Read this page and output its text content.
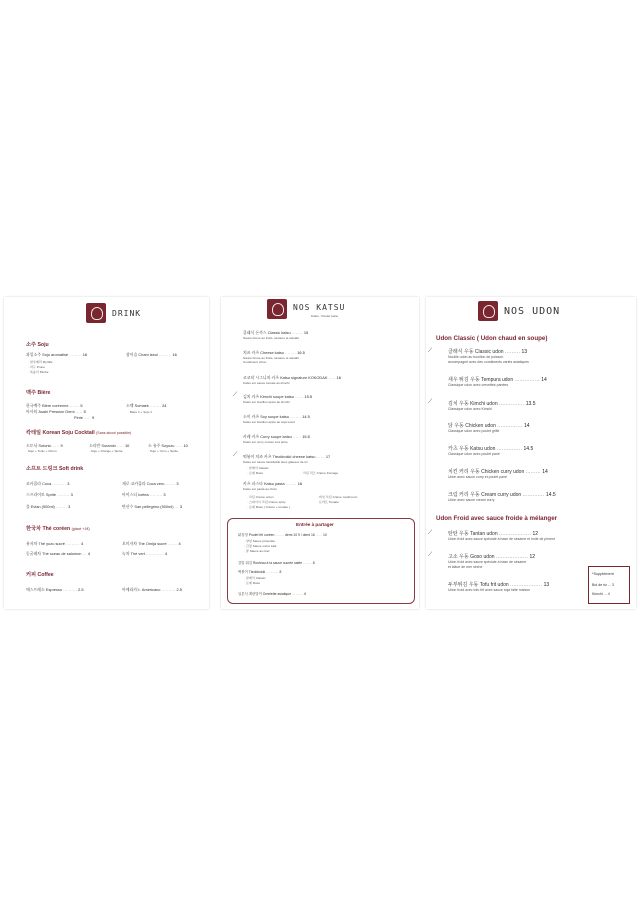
DRINK
소주 Soju
과일소주 Soju aromatisé ......... 16	참이슬 Cham iseul ......... 16
· 알루베리 Myrtille
· 자두 Prune
· 복숭아 Pêche
맥주 Bière
한국맥주 Bière coréenne ....... 5
아사히 Asahi Pression Demi ..... 5
Pinte ..... 9
소맥 Somaek ........ 24
· Bière 2 + Soju 1
칵테일 Korean Soju Cocktail (Sans alcool possible)
소토닉 Sotonic ..... 9
· Soju + Tonic + Citron
소라만 Soramin ..... 10
· Soju + Orange + Sprite
소 유주 Soyuzu ..... 10
· Soju + Yuzu + Sprite
소프트 드링크 Soft drink
코카콜라 Coca .......... 3	제로 코카콜라 Coca zero ....... 3
스프라이트 Sprite ......... 3	아이스티 Icetea ......... 3
물 Evian (500ml) ........ 3	탄산수 San pellegrino (500ml) ... 3
한국차 Thé coréen (glacé +1€)
유자차 Thé yuzu sucré .......... 4	오미자차 Thé Omija sucré ....... 4
둥굴레차 Thé sceau de salomon ... 4	녹차 Thé vert ............. 4
커피 Coffee
에스프레소 Espresso .......... 2.5	아메리카노 Americano .......... 2.5
NOS KATSU
Katsu : Poulet pané
클래식 돈까스 Classic katsu ........ 15
Sauce brune au fruits, sésame et wasabi
치즈 카츠 Cheese katsu ........ 16.5
Sauce brune au fruits, sésame et wasabi
Condiment citron
코코닥 시그니처 카츠 Katsu signature KOKODAK ..... 16
Katsu sur sauce tomate au kimchi
⟋ 김치 카츠 Kimchi soupe katsu ...... 15.5
Katsu sur bouillon épicé au kimchi
소이 카츠 Soy soupe katsu ........ 14.5
Katsu sur bouillon épicé au soja sucré
카레 카츠 Curry soupe katsu ...... 15.5
Katsu sur curry coréen à la poire
⟋ 떡볶이 치즈 카츠 Tteokbokki cheese katsu ...... 17
Katsu sur sauce tteokbokki avec gâteaux de riz
· 클래식 Classic
· 로제 Rosé	· 크림 치즈 Crème fromage
카츠 파스타 Katsu pasta ........ 16
Katsu sur pasta au choix
· 크림 Crème onion
· 스파이시 크림 Crème spicy
· 로제 Rosé ( Crème + tomate )
· 버섯 크림 Crème mushroom
· 토마토 Tomate
Entrée à partager
닭강정 Poulet frit coréen ....... demi 10 9 / demi 16 ..... 10
· 양념 Sauce pimentée
· 간장 Sauce sucré salé
· 꿀 Sauce au miel
김밥 튀김 Rouleau à la sauce sucrée salée ....... 8
떡볶이 Tteokbokki .......... 8
· 클래식 Classic
· 로제 Rosé
일본식 계란말이 Omelette asiatique ......... 6
NOS UDON
Udon Classic ( Udon chaud en soupe)
⟋	클래식 우동 Classic udon ......... 13
Nouille udon au bouillon de poisson
accompagné avec des condiments variés asiatiques
새우 튀김 우동 Tempura udon ............... 14
Classique udon avec crevettes panées
⟋	김치 우동 Kimchi udon ............... 13.5
Classique udon avec Kimchi
닭 우동 Chicken udon ............... 14
Classique udon avec poulet grillé
카츠 우동 Katsu udon ............... 14.5
Classique udon avec poulet pané
치킨 커리 우동 Chicken curry udon ......... 14
Udon avec sauce curry et poulet pané
크림 커리 우동 Cream curry udon ............. 14.5
Udon avec sauce cream curry
Udon Froid avec sauce froide à mélanger
⟋	탄탄 우동 Tantan udon ................... 12
Udon froid avec sauce spéciale à base de sésame et huile de piment
⟋	고소 우동 Goso udon ................... 12
Udon froid avec sauce spéciale à base de sésame
et laitue de mer sèche
두부튀김 우동 Tofu frit udon ................... 13
Udon froid avec tofu frit avec sauce soja faite maison
*Supplément
Bol de riz ... 3
Kimchi ... 4
